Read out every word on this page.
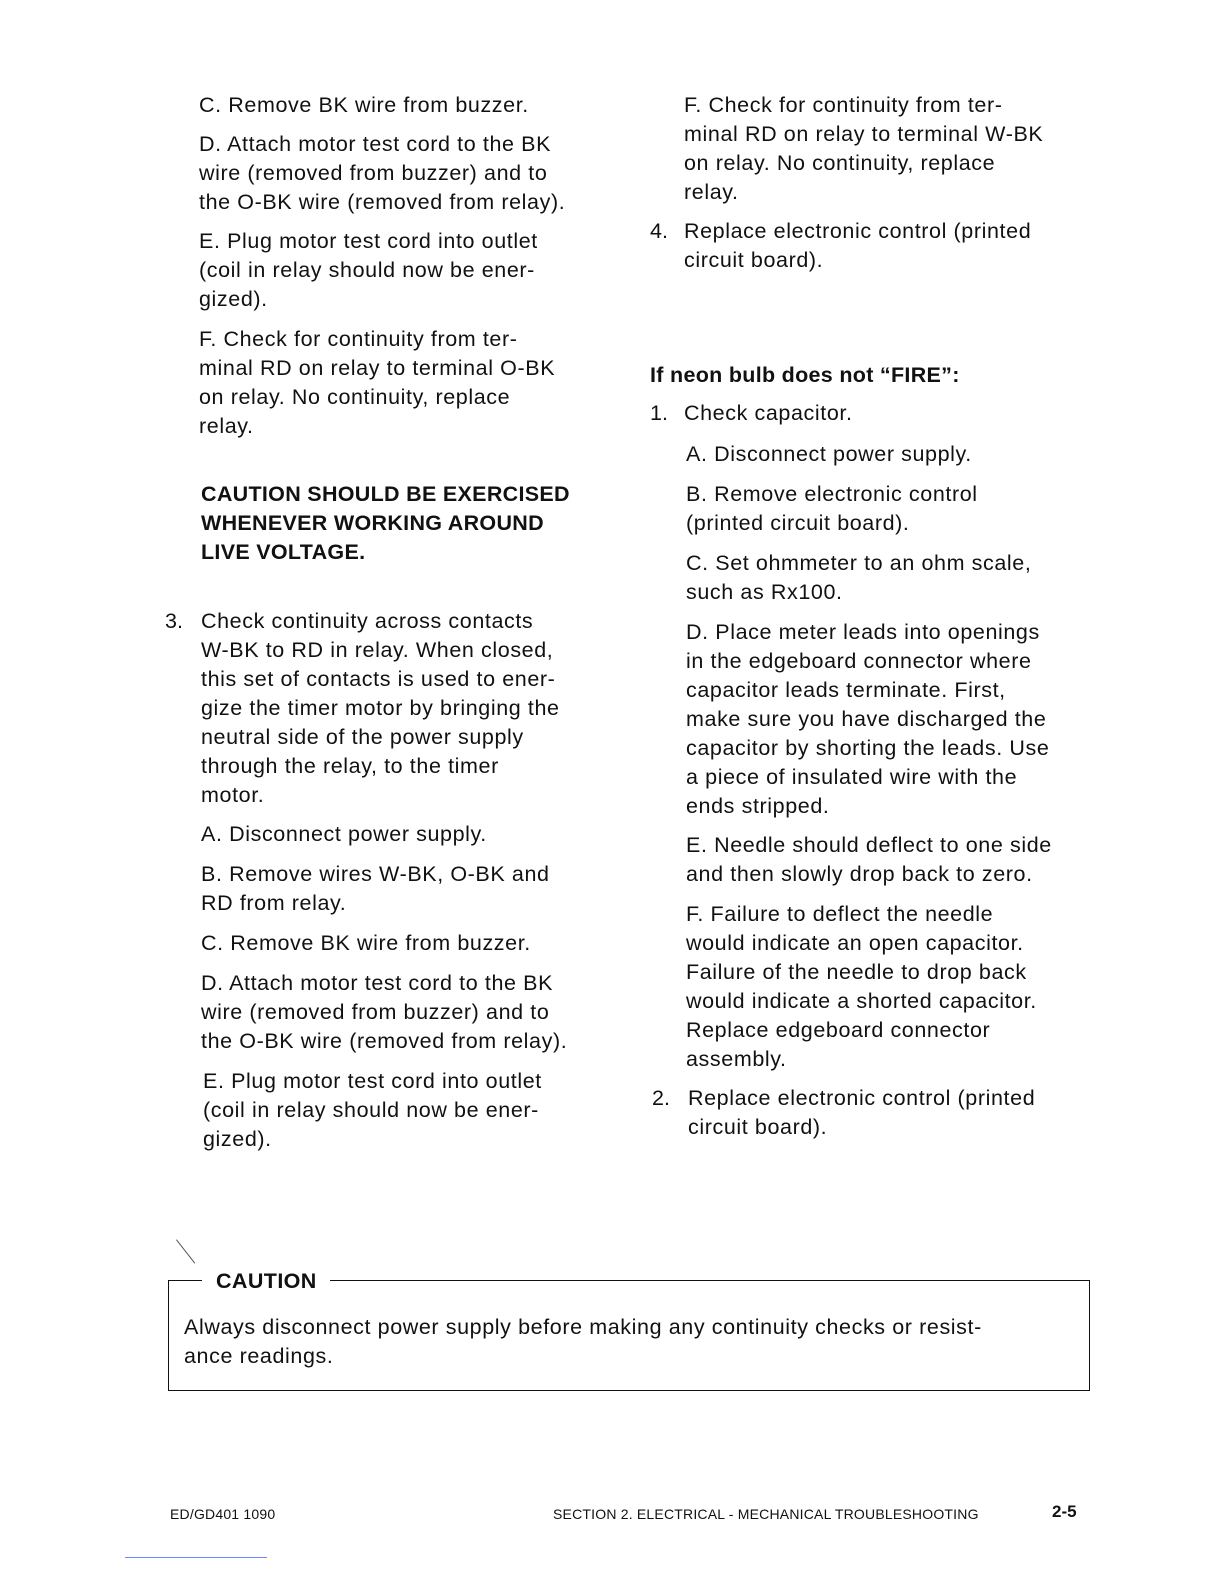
C. Remove BK wire from buzzer.

D. Attach motor test cord to the BK
wire (removed from buzzer) and to
the O-BK wire (removed from relay).

E. Plug motor test cord into outlet
(coil in relay should now be ener-
gized).

F. Check for continuity from ter-
minal RD on relay to terminal O-BK
on relay. No continuity, replace
relay.

CAUTION SHOULD BE EXERCISED
WHENEVER WORKING AROUND
LIVE VOLTAGE.

3. Check continuity across contacts
W-BK to RD in relay. When closed,
this set of contacts is used to ener-
gize the timer motor by bringing the
neutral side of the power supply
through the relay, to the timer
motor.

A. Disconnect power supply.

B. Remove wires W-BK, O-BK and
RD from relay.

C. Remove BK wire from buzzer.

D. Attach motor test cord to the BK
wire (removed from buzzer) and to
the O-BK wire (removed from relay).

E. Plug motor test cord into outlet
(coil in relay should now be ener-
gized).

F. Check for continuity from ter-
minal RD on relay to terminal W-BK
on relay. No continuity, replace
relay.

4. Replace electronic control (printed
circuit board).

If neon bulb does not “FIRE”:

1. Check capacitor.

A. Disconnect power supply.

B. Remove electronic control
(printed circuit board).

C. Set ohmmeter to an ohm scale,
such as Rx100.

D. Place meter leads into openings
in the edgeboard connector where
capacitor leads terminate. First,
make sure you have discharged the
capacitor by shorting the leads. Use
a piece of insulated wire with the
ends stripped.

E. Needle should deflect to one side
and then slowly drop back to zero.

F. Failure to deflect the needle
would indicate an open capacitor.
Failure of the needle to drop back
would indicate a shorted capacitor.
Replace edgeboard connector
assembly.

2. Replace electronic control (printed
circuit board).

CAUTION

Always disconnect power supply before making any continuity checks or resist-
ance readings.

ED/GD401 1090	SECTION 2. ELECTRICAL - MECHANICAL TROUBLESHOOTING	2-5
